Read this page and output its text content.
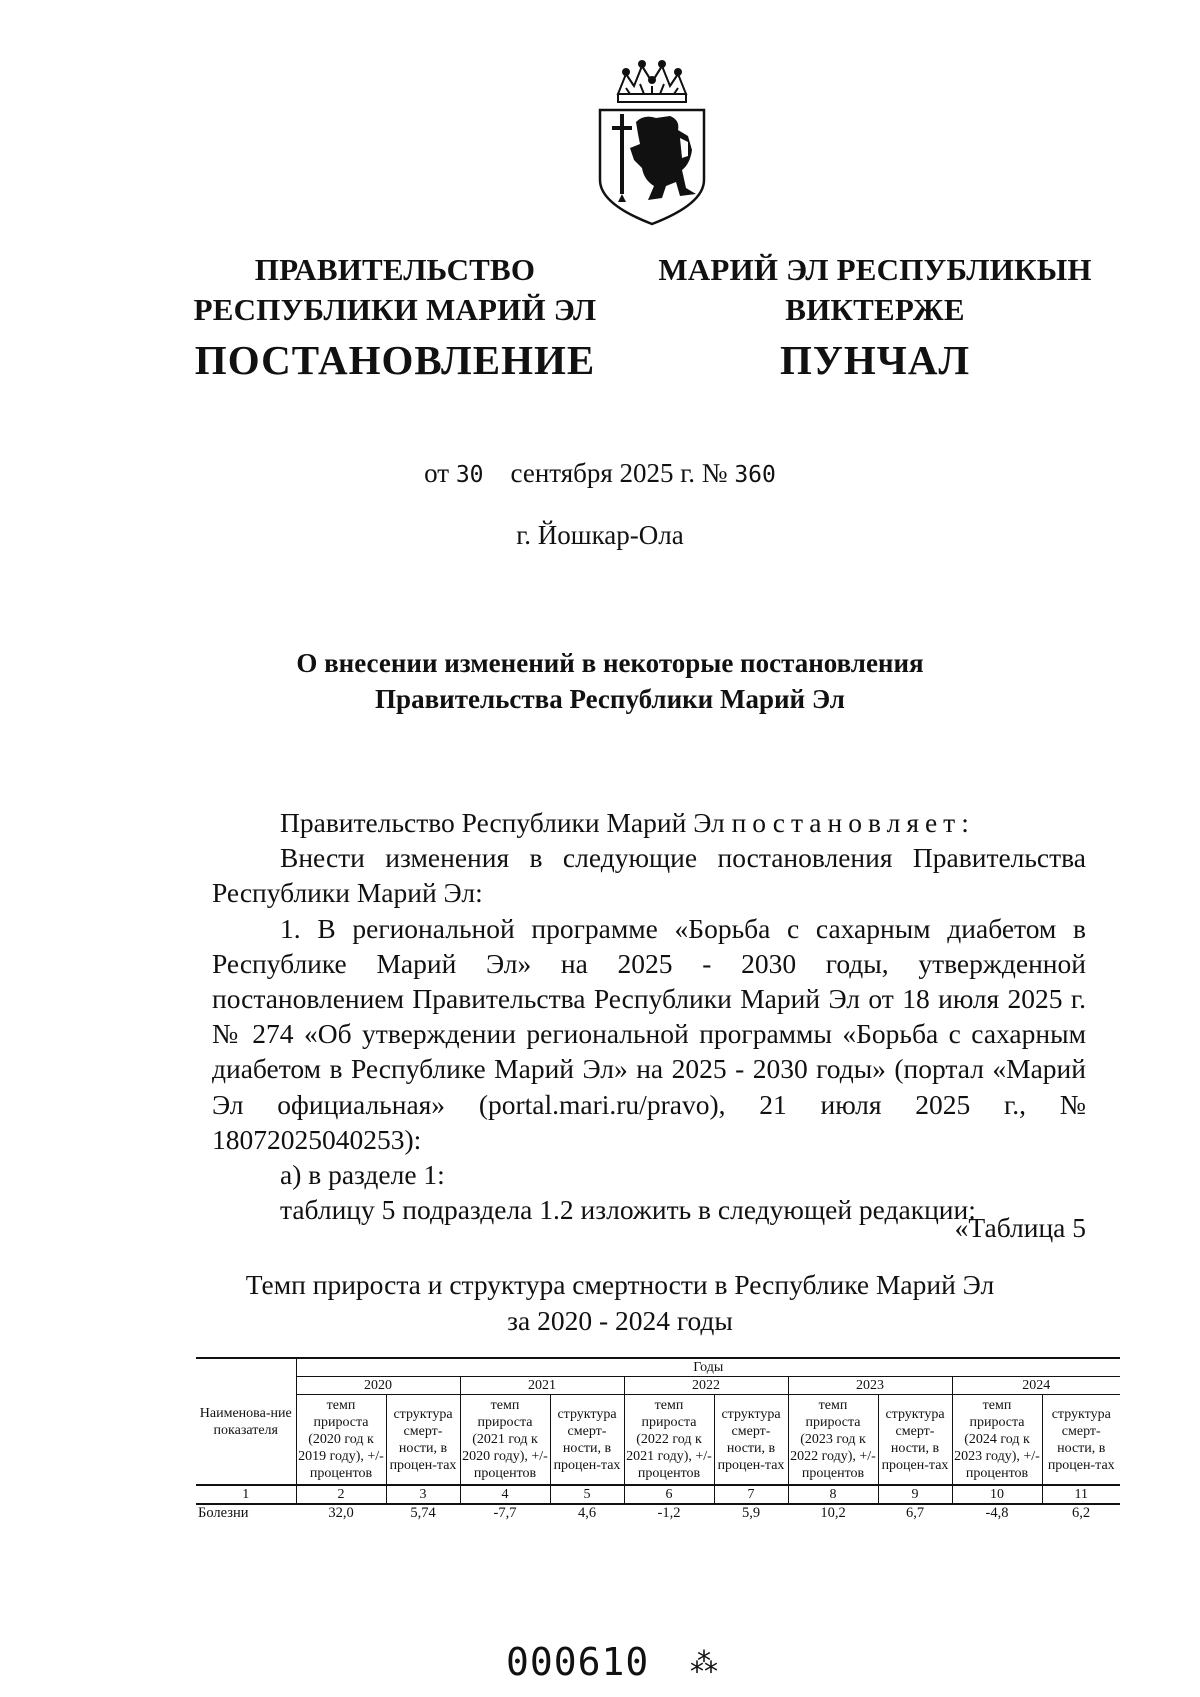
ПРАВИТЕЛЬСТВО
РЕСПУБЛИКИ МАРИЙ ЭЛ
ПОСТАНОВЛЕНИЕ
МАРИЙ ЭЛ РЕСПУБЛИКЫН
ВИКТЕРЖЕ
ПУНЧАЛ
от 30 сентября 2025 г. № 360
г. Йошкар-Ола
О внесении изменений в некоторые постановления
Правительства Республики Марий Эл

Правительство Республики Марий Эл постановляет:

Внести изменения в следующие постановления Правительства Республики Марий Эл:

1. В региональной программе «Борьба с сахарным диабетом в Республике Марий Эл» на 2025 - 2030 годы, утвержденной постановлением Правительства Республики Марий Эл от 18 июля 2025 г. № 274 «Об утверждении региональной программы «Борьба с сахарным диабетом в Республике Марий Эл» на 2025 - 2030 годы» (портал «Марий Эл официальная» (portal.mari.ru/pravo), 21 июля 2025 г., № 18072025040253):

а) в разделе 1:

таблицу 5 подраздела 1.2 изложить в следующей редакции:

«Таблица 5
Темп прироста и структура смертности в Республике Марий Эл
за 2020 - 2024 годы
Наименова-ние показателя	Годы									
	2020		2021		2022		2023		2024	
	темп прироста (2020 год к 2019 году), +/- процентов	структура смерт-ности, в процен-тах	темп прироста (2021 год к 2020 году), +/- процентов	структура смерт-ности, в процен-тах	темп прироста (2022 год к 2021 году), +/- процентов	структура смерт-ности, в процен-тах	темп прироста (2023 год к 2022 году), +/- процентов	структура смерт-ности, в процен-тах	темп прироста (2024 год к 2023 году), +/- процентов	структура смерт-ности, в процен-тах
1	2	3	4	5	6	7	8	9	10	11
Болезни	32,0	5,74	-7,7	4,6	-1,2	5,9	10,2	6,7	-4,8	6,2
000610 ⁂
